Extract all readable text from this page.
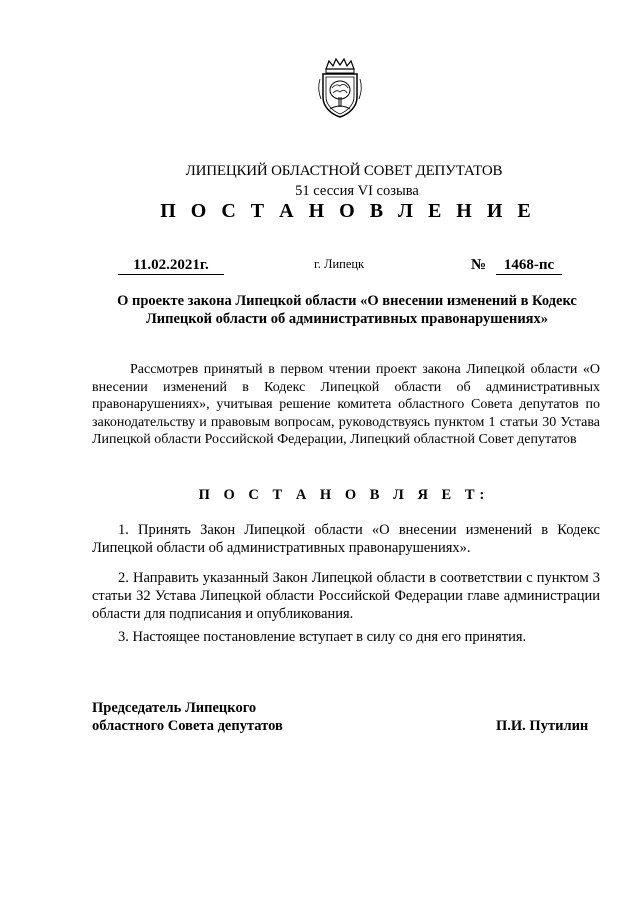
ЛИПЕЦКИЙ ОБЛАСТНОЙ СОВЕТ ДЕПУТАТОВ
51 сессия VI созыва
П О С Т А Н О В Л Е Н И Е
11.02.2021г.	г. Липецк	№	1468-пс
О проекте закона Липецкой области «О внесении изменений в Кодекс
Липецкой области об административных правонарушениях»
Рассмотрев принятый в первом чтении проект закона Липецкой области «О внесении изменений в Кодекс Липецкой области об административных правонарушениях», учитывая решение комитета областного Совета депутатов по законодательству и правовым вопросам, руководствуясь пунктом 1 статьи 30 Устава Липецкой области Российской Федерации, Липецкий областной Совет депутатов
П О С Т А Н О В Л Я Е Т:
1. Принять Закон Липецкой области «О внесении изменений в Кодекс Липецкой области об административных правонарушениях».
2. Направить указанный Закон Липецкой области в соответствии с пунктом 3 статьи 32 Устава Липецкой области Российской Федерации главе администрации области для подписания и опубликования.
3. Настоящее постановление вступает в силу со дня его принятия.
Председатель Липецкого
областного Совета депутатов	П.И. Путилин
